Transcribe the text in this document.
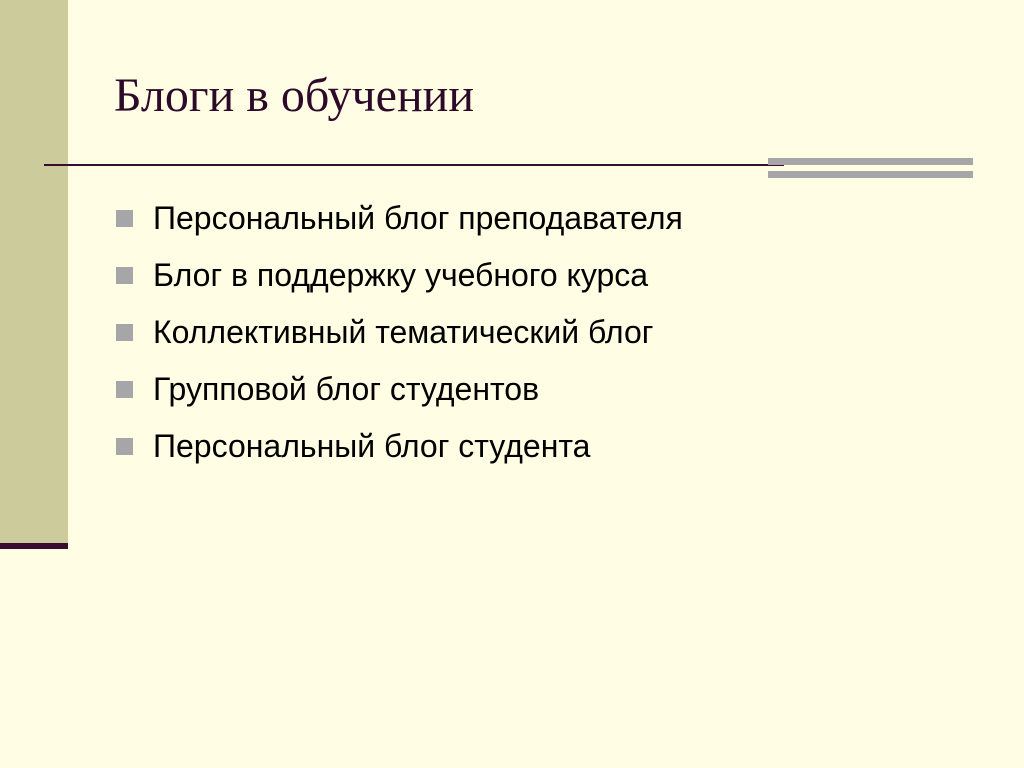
Блоги в обучении
Персональный блог преподавателя
Блог в поддержку учебного курса
Коллективный тематический блог
Групповой блог студентов
Персональный блог студента
